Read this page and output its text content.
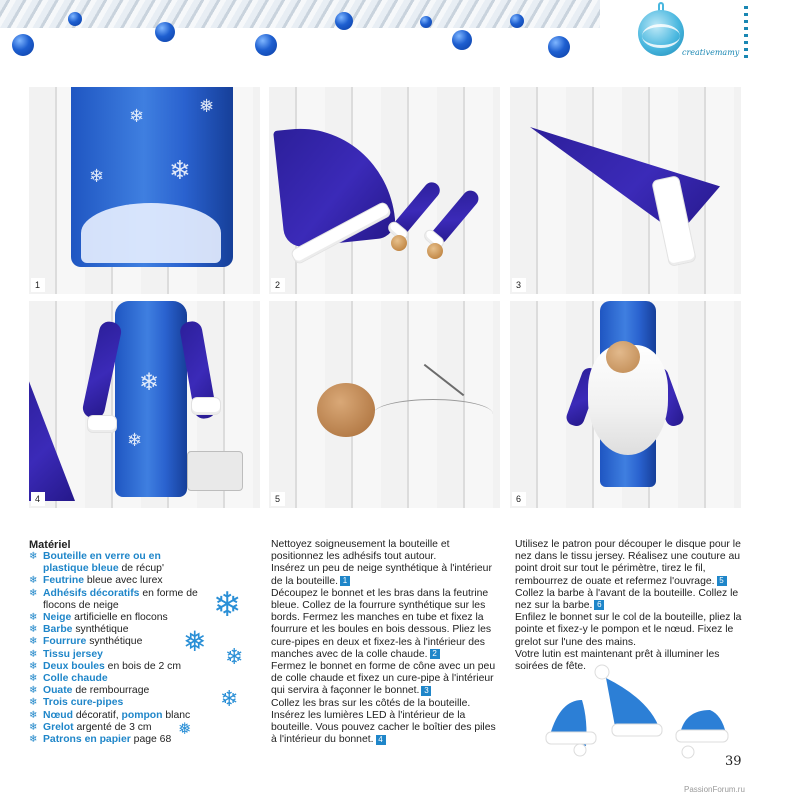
creativemamy
❄
❄
❄
❅
1	2	3
❄
❄
4	5	6
Matériel
❄ Bouteille en verre ou en plastique bleue de récup'
❄ Feutrine bleue avec lurex
❄ Adhésifs décoratifs en forme de flocons de neige
❄ Neige artificielle en flocons
❄ Barbe synthétique
❄ Fourrure synthétique
❄ Tissu jersey
❄ Deux boules en bois de 2 cm
❄ Colle chaude
❄ Ouate de rembourrage
❄ Trois cure-pipes
❄ Nœud décoratif, pompon blanc
❄ Grelot argenté de 3 cm
❄ Patrons en papier page 68
❄
❅ ❄
❄
❅

Nettoyez soigneusement la bouteille et positionnez les adhésifs tout autour.

Insérez un peu de neige synthétique à l'intérieur de la bouteille. 1

Découpez le bonnet et les bras dans la feutrine bleue. Collez de la fourrure synthétique sur les bords. Fermez les manches en tube et fixez la fourrure et les boules en bois dessous. Pliez les cure-pipes en deux et fixez-les à l'intérieur des manches avec de la colle chaude. 2

Fermez le bonnet en forme de cône avec un peu de colle chaude et fixez un cure-pipe à l'intérieur qui servira à façonner le bonnet. 3

Collez les bras sur les côtés de la bouteille. Insérez les lumières LED à l'intérieur de la bouteille. Vous pouvez cacher le boîtier des piles à l'intérieur du bonnet. 4

Utilisez le patron pour découper le disque pour le nez dans le tissu jersey. Réalisez une couture au point droit sur tout le périmètre, tirez le fil, rembourrez de ouate et refermez l'ouvrage. 5

Collez la barbe à l'avant de la bouteille. Collez le nez sur la barbe. 6

Enfilez le bonnet sur le col de la bouteille, pliez la pointe et fixez-y le pompon et le nœud. Fixez le grelot sur l'une des mains.

Votre lutin est maintenant prêt à illuminer les soirées de fête.

39
PassionForum.ru
